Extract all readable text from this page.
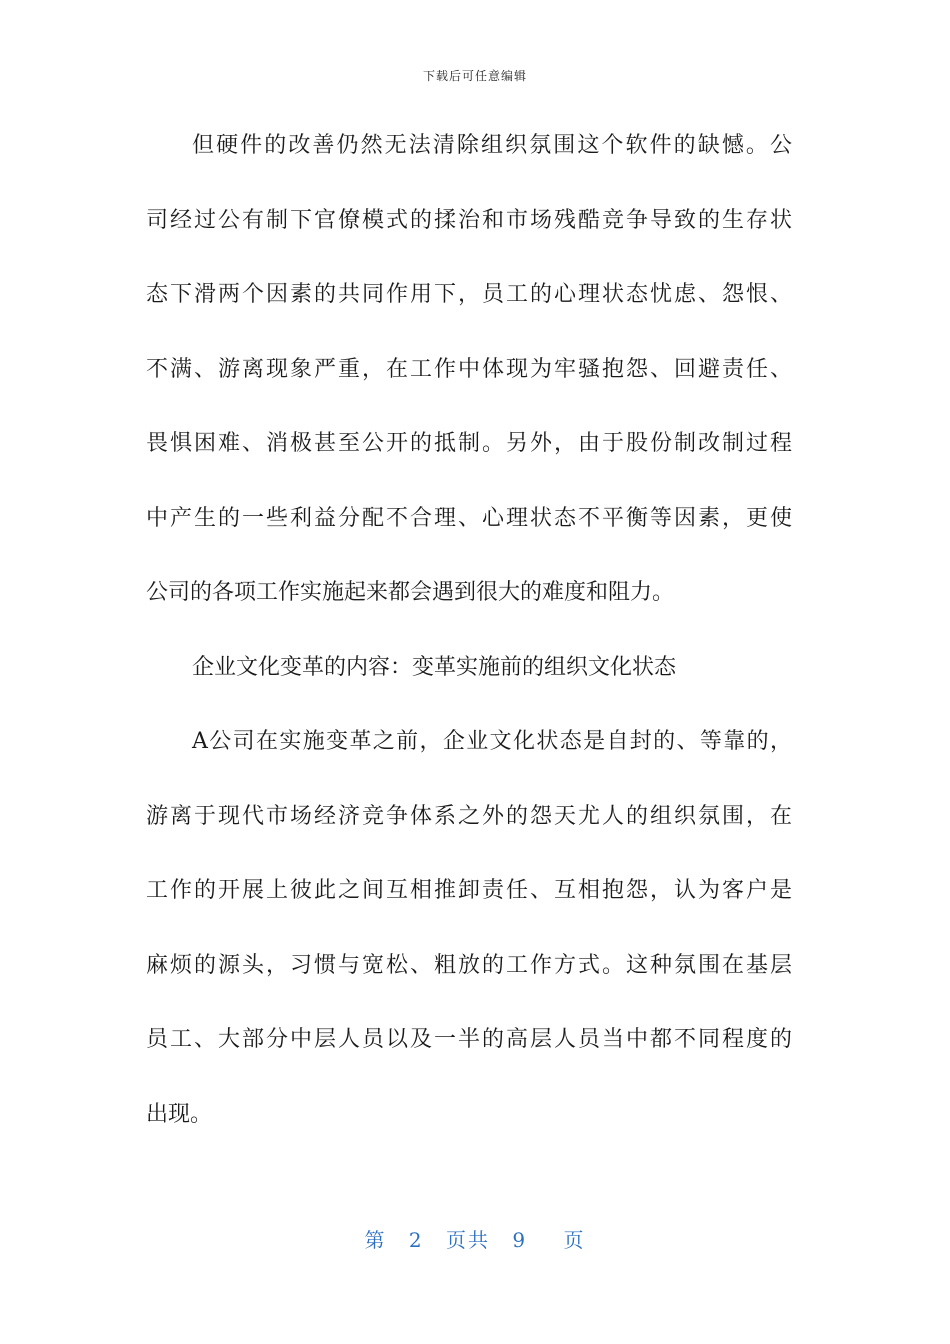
下载后可任意编辑
但硬件的改善仍然无法清除组织氛围这个软件的缺憾。公
司经过公有制下官僚模式的揉治和市场残酷竞争导致的生存状
态下滑两个因素的共同作用下，员工的心理状态忧虑、怨恨、
不满、游离现象严重，在工作中体现为牢骚抱怨、回避责任、
畏惧困难、消极甚至公开的抵制。另外，由于股份制改制过程
中产生的一些利益分配不合理、心理状态不平衡等因素，更使
公司的各项工作实施起来都会遇到很大的难度和阻力。
企业文化变革的内容：变革实施前的组织文化状态
A公司在实施变革之前，企业文化状态是自封的、等靠的，
游离于现代市场经济竞争体系之外的怨天尤人的组织氛围，在
工作的开展上彼此之间互相推卸责任、互相抱怨，认为客户是
麻烦的源头，习惯与宽松、粗放的工作方式。这种氛围在基层
员工、大部分中层人员以及一半的高层人员当中都不同程度的
出现。
第 2 页共 9 页
